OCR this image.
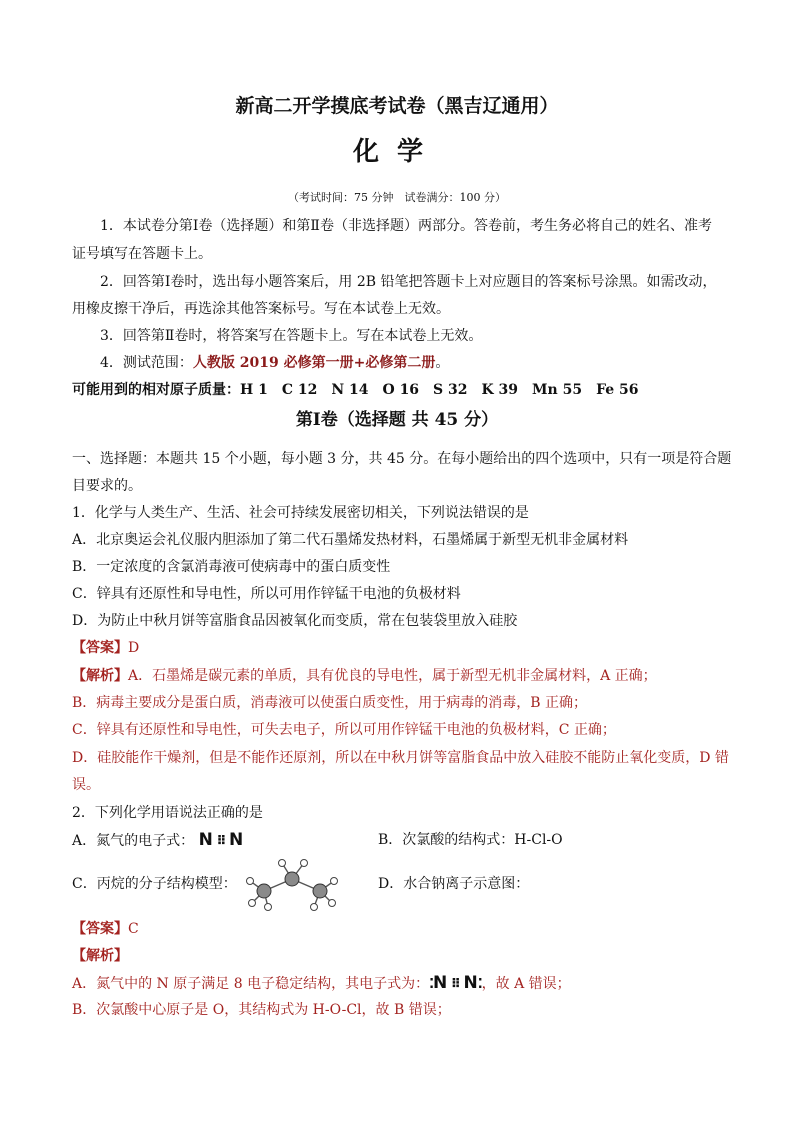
新高二开学摸底考试卷（黑吉辽通用）
化学
（考试时间：75 分钟　试卷满分：100 分）
1．本试卷分第Ⅰ卷（选择题）和第Ⅱ卷（非选择题）两部分。答卷前，考生务必将自己的姓名、准考
证号填写在答题卡上。
2．回答第Ⅰ卷时，选出每小题答案后，用 2B 铅笔把答题卡上对应题目的答案标号涂黑。如需改动，
用橡皮擦干净后，再选涂其他答案标号。写在本试卷上无效。
3．回答第Ⅱ卷时，将答案写在答题卡上。写在本试卷上无效。
4．测试范围：人教版 2019 必修第一册+必修第二册。
可能用到的相对原子质量：H 1　C 12　N 14　O 16　S 32　K 39　Mn 55　Fe 56
第Ⅰ卷（选择题 共 45 分）
一、选择题：本题共 15 个小题，每小题 3 分，共 45 分。在每小题给出的四个选项中，只有一项是符合题
目要求的。
1．化学与人类生产、生活、社会可持续发展密切相关，下列说法错误的是
A．北京奥运会礼仪服内胆添加了第二代石墨烯发热材料，石墨烯属于新型无机非金属材料
B．一定浓度的含氯消毒液可使病毒中的蛋白质变性
C．锌具有还原性和导电性，所以可用作锌锰干电池的负极材料
D．为防止中秋月饼等富脂食品因被氧化而变质，常在包装袋里放入硅胶
【答案】D
【解析】A．石墨烯是碳元素的单质，具有优良的导电性，属于新型无机非金属材料，A 正确；
B．病毒主要成分是蛋白质，消毒液可以使蛋白质变性，用于病毒的消毒，B 正确；
C．锌具有还原性和导电性，可失去电子，所以可用作锌锰干电池的负极材料，C 正确；
D．硅胶能作干燥剂，但是不能作还原剂，所以在中秋月饼等富脂食品中放入硅胶不能防止氧化变质，D 错
误。
2．下列化学用语说法正确的是
A．氮气的电子式： N ⠿ N	B．次氯酸的结构式：H-Cl-O
C．丙烷的分子结构模型：	D．水合钠离子示意图：
【答案】C
【解析】
A．氮气中的 N 原子满足 8 电子稳定结构，其电子式为：⁚N ⠿ N⁚，故 A 错误；
B．次氯酸中心原子是 O，其结构式为 H-O-Cl，故 B 错误；
